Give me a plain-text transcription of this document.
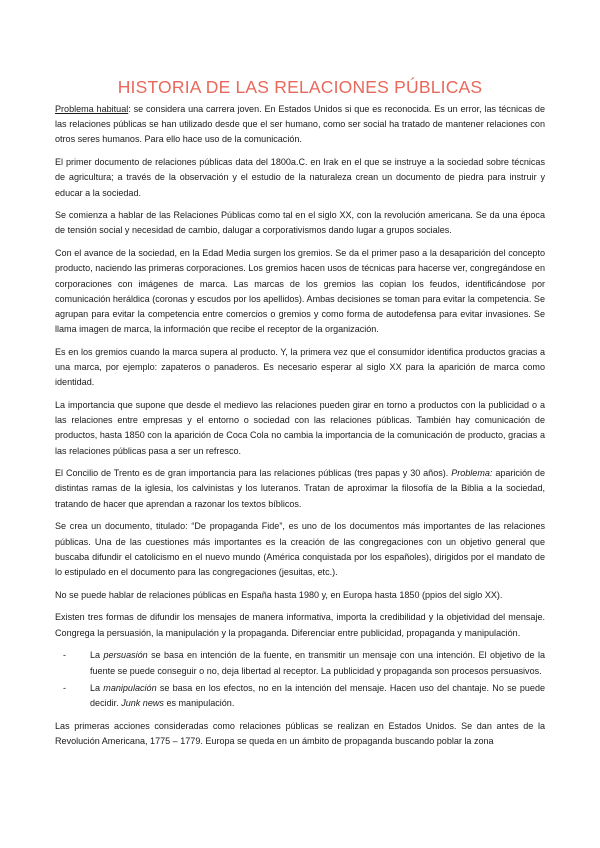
HISTORIA DE LAS RELACIONES PÚBLICAS

Problema habitual: se considera una carrera joven. En Estados Unidos si que es reconocida. Es un error, las técnicas de las relaciones públicas se han utilizado desde que el ser humano, como ser social ha tratado de mantener relaciones con otros seres humanos. Para ello hace uso de la comunicación.

El primer documento de relaciones públicas data del 1800a.C. en Irak en el que se instruye a la sociedad sobre técnicas de agricultura; a través de la observación y el estudio de la naturaleza crean un documento de piedra para instruir y educar a la sociedad.

Se comienza a hablar de las Relaciones Públicas como tal en el siglo XX, con la revolución americana. Se da una época de tensión social y necesidad de cambio, dalugar a corporativismos dando lugar a grupos sociales.

Con el avance de la sociedad, en la Edad Media surgen los gremios. Se da el primer paso a la desaparición del concepto producto, naciendo las primeras corporaciones. Los gremios hacen usos de técnicas para hacerse ver, congregándose en corporaciones con imágenes de marca. Las marcas de los gremios las copian los feudos, identificándose por comunicación heráldica (coronas y escudos por los apellidos). Ambas decisiones se toman para evitar la competencia. Se agrupan para evitar la competencia entre comercios o gremios y como forma de autodefensa para evitar invasiones. Se llama imagen de marca, la información que recibe el receptor de la organización.

Es en los gremios cuando la marca supera al producto. Y, la primera vez que el consumidor identifica productos gracias a una marca, por ejemplo: zapateros o panaderos. Es necesario esperar al siglo XX para la aparición de marca como identidad.

La importancia que supone que desde el medievo las relaciones pueden girar en torno a productos con la publicidad o a las relaciones entre empresas y el entorno o sociedad con las relaciones públicas. También hay comunicación de productos, hasta 1850 con la aparición de Coca Cola no cambia la importancia de la comunicación de producto, gracias a las relaciones públicas pasa a ser un refresco.

El Concilio de Trento es de gran importancia para las relaciones públicas (tres papas y 30 años). Problema: aparición de distintas ramas de la iglesia, los calvinistas y los luteranos. Tratan de aproximar la filosofía de la Biblia a la sociedad, tratando de hacer que aprendan a razonar los textos bíblicos.

Se crea un documento, titulado: “De propaganda Fide”, es uno de los documentos más importantes de las relaciones públicas. Una de las cuestiones más importantes es la creación de las congregaciones con un objetivo general que buscaba difundir el catolicismo en el nuevo mundo (América conquistada por los españoles), dirigidos por el mandato de lo estipulado en el documento para las congregaciones (jesuitas, etc.).

No se puede hablar de relaciones públicas en España hasta 1980 y, en Europa hasta 1850 (ppios del siglo XX).

Existen tres formas de difundir los mensajes de manera informativa, importa la credibilidad y la objetividad del mensaje. Congrega la persuasión, la manipulación y la propaganda. Diferenciar entre publicidad, propaganda y manipulación.

-	La persuasión se basa en intención de la fuente, en transmitir un mensaje con una intención. El objetivo de la fuente se puede conseguir o no, deja libertad al receptor. La publicidad y propaganda son procesos persuasivos.
-	La manipulación se basa en los efectos, no en la intención del mensaje. Hacen uso del chantaje. No se puede decidir. Junk news es manipulación.

Las primeras acciones consideradas como relaciones públicas se realizan en Estados Unidos. Se dan antes de la Revolución Americana, 1775 – 1779. Europa se queda en un ámbito de propaganda buscando poblar la zona
